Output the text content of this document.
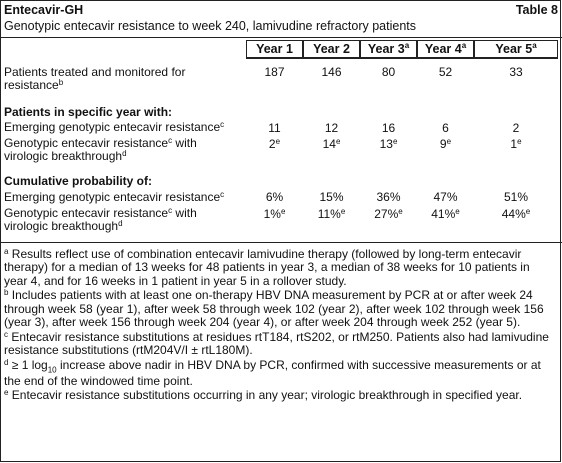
Entecavir-GH	Table 8
Genotypic entecavir resistance to week 240, lamivudine refractory patients
Year 1	Year 2	Year 3$^a$	Year 4$^a$	Year 5$^a$
Patients treated and monitored for
resistance$^b$
187	146	80	52	33
Patients in specific year with:
Emerging genotypic entecavir resistance$^c$	11	12	16	6	2
Genotypic entecavir resistance$^c$ with
virologic breakthrough$^d$
2e	14e	13e	9e	1e
Cumulative probability of:
Emerging genotypic entecavir resistance$^c$	6%	15%	36%	47%	51%
Genotypic entecavir resistance$^c$ with
virologic breakthough$^d$
1%$^e$	11%$^e$	27%$^e$	41%$^e$	44%$^e$
$^a$ Results reflect use of combination entecavir lamivudine therapy (followed by long-term entecavir therapy) for a median of 13 weeks for 48 patients in year 3, a median of 38 weeks for 10 patients in year 4, and for 16 weeks in 1 patient in year 5 in a rollover study.
$^b$ Includes patients with at least one on-therapy HBV DNA measurement by PCR at or after week 24 through week 58 (year 1), after week 58 through week 102 (year 2), after week 102 through week 156 (year 3), after week 156 through week 204 (year 4), or after week 204 through week 252 (year 5).
$^c$ Entecavir resistance substitutions at residues rtT184, rtS202, or rtM250. Patients also had lamivudine resistance substitutions (rtM204V/I ± rtL180M).
$^d$ ≥ 1 $\log_{10}$ increase above nadir in HBV DNA by PCR, confirmed with successive measurements or at the end of the windowed time point.
$^e$ Entecavir resistance substitutions occurring in any year; virologic breakthrough in specified year.
